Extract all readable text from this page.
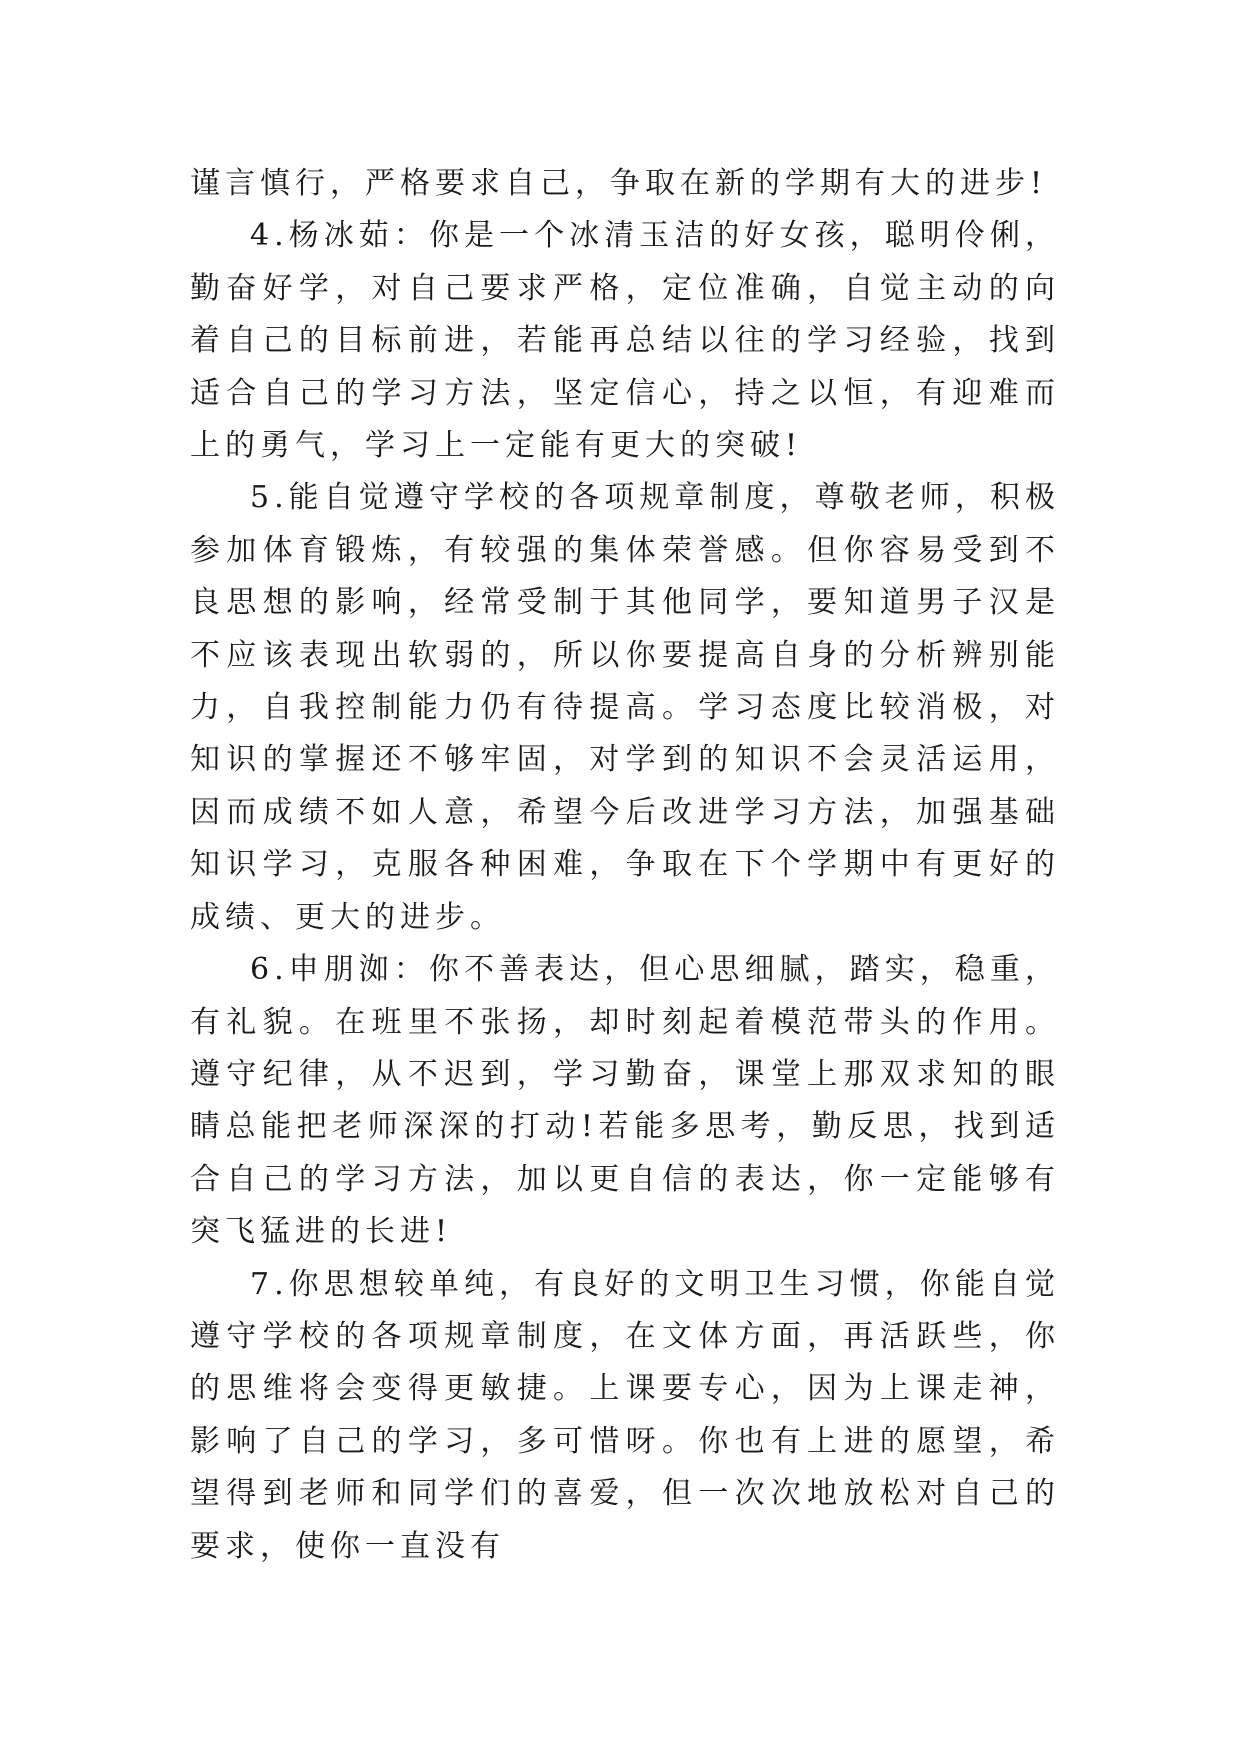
谨言慎行，严格要求自己，争取在新的学期有大的进步!

4.杨冰茹：你是一个冰清玉洁的好女孩，聪明伶俐，勤奋好学，对自己要求严格，定位准确，自觉主动的向着自己的目标前进，若能再总结以往的学习经验，找到适合自己的学习方法，坚定信心，持之以恒，有迎难而上的勇气，学习上一定能有更大的突破!

5.能自觉遵守学校的各项规章制度，尊敬老师，积极参加体育锻炼，有较强的集体荣誉感。但你容易受到不良思想的影响，经常受制于其他同学，要知道男子汉是不应该表现出软弱的，所以你要提高自身的分析辨别能力，自我控制能力仍有待提高。学习态度比较消极，对知识的掌握还不够牢固，对学到的知识不会灵活运用，因而成绩不如人意，希望今后改进学习方法，加强基础知识学习，克服各种困难，争取在下个学期中有更好的成绩、更大的进步。

6.申朋洳：你不善表达，但心思细腻，踏实，稳重，有礼貌。在班里不张扬，却时刻起着模范带头的作用。遵守纪律，从不迟到，学习勤奋，课堂上那双求知的眼睛总能把老师深深的打动!若能多思考，勤反思，找到适合自己的学习方法，加以更自信的表达，你一定能够有突飞猛进的长进!

7.你思想较单纯，有良好的文明卫生习惯，你能自觉遵守学校的各项规章制度，在文体方面，再活跃些，你的思维将会变得更敏捷。上课要专心，因为上课走神，影响了自己的学习，多可惜呀。你也有上进的愿望，希望得到老师和同学们的喜爱，但一次次地放松对自己的要求，使你一直没有
